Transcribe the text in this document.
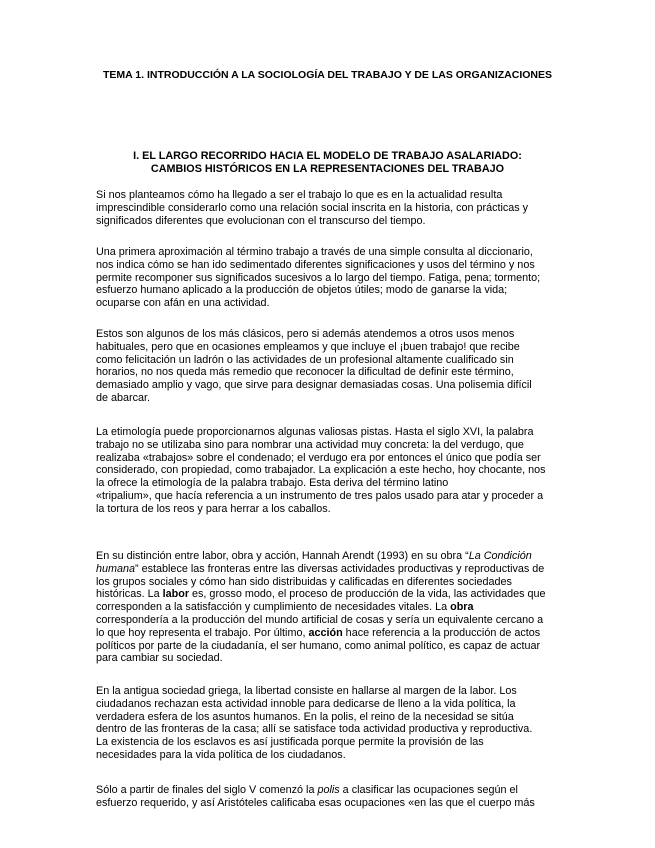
TEMA 1. INTRODUCCIÓN A LA SOCIOLOGÍA DEL TRABAJO Y DE LAS ORGANIZACIONES
I. EL LARGO RECORRIDO HACIA EL MODELO DE TRABAJO ASALARIADO:
CAMBIOS HISTÓRICOS EN LA REPRESENTACIONES DEL TRABAJO
Si nos planteamos cómo ha llegado a ser el trabajo lo que es en la actualidad resulta
imprescindible considerarlo como una relación social inscrita en la historia, con prácticas y
significados diferentes que evolucionan con el transcurso del tiempo.
Una primera aproximación al término trabajo a través de una simple consulta al diccionario,
nos indica cómo se han ido sedimentado diferentes significaciones y usos del término y nos
permite recomponer sus significados sucesivos a lo largo del tiempo. Fatiga, pena; tormento;
esfuerzo humano aplicado a la producción de objetos útiles; modo de ganarse la vida;
ocuparse con afán en una actividad.
Estos son algunos de los más clásicos, pero si además atendemos a otros usos menos
habituales, pero que en ocasiones empleamos y que incluye el ¡buen trabajo! que recibe
como felicitación un ladrón o las actividades de un profesional altamente cualificado sin
horarios, no nos queda más remedio que reconocer la dificultad de definir este término,
demasiado amplio y vago, que sirve para designar demasiadas cosas. Una polisemia difícil
de abarcar.
La etimología puede proporcionarnos algunas valiosas pistas. Hasta el siglo XVI, la palabra
trabajo no se utilizaba sino para nombrar una actividad muy concreta: la del verdugo, que
realizaba «trabajos» sobre el condenado; el verdugo era por entonces el único que podía ser
considerado, con propiedad, como trabajador. La explicación a este hecho, hoy chocante, nos
la ofrece la etimología de la palabra trabajo. Esta deriva del término latino
«tripalium», que hacía referencia a un instrumento de tres palos usado para atar y proceder a
la tortura de los reos y para herrar a los caballos.
En su distinción entre labor, obra y acción, Hannah Arendt (1993) en su obra “La Condición
humana” establece las fronteras entre las diversas actividades productivas y reproductivas de
los grupos sociales y cómo han sido distribuidas y calificadas en diferentes sociedades
históricas. La labor es, grosso modo, el proceso de producción de la vida, las actividades que
corresponden a la satisfacción y cumplimiento de necesidades vitales. La obra
correspondería a la producción del mundo artificial de cosas y sería un equivalente cercano a
lo que hoy representa el trabajo. Por último, acción hace referencia a la producción de actos
políticos por parte de la ciudadanía, el ser humano, como animal político, es capaz de actuar
para cambiar su sociedad.
En la antigua sociedad griega, la libertad consiste en hallarse al margen de la labor. Los
ciudadanos rechazan esta actividad innoble para dedicarse de lleno a la vida política, la
verdadera esfera de los asuntos humanos. En la polis, el reino de la necesidad se sitúa
dentro de las fronteras de la casa; allí se satisface toda actividad productiva y reproductiva.
La existencia de los esclavos es así justificada porque permite la provisión de las
necesidades para la vida política de los ciudadanos.
Sólo a partir de finales del siglo V comenzó la polis a clasificar las ocupaciones según el
esfuerzo requerido, y así Aristóteles calificaba esas ocupaciones «en las que el cuerpo más
